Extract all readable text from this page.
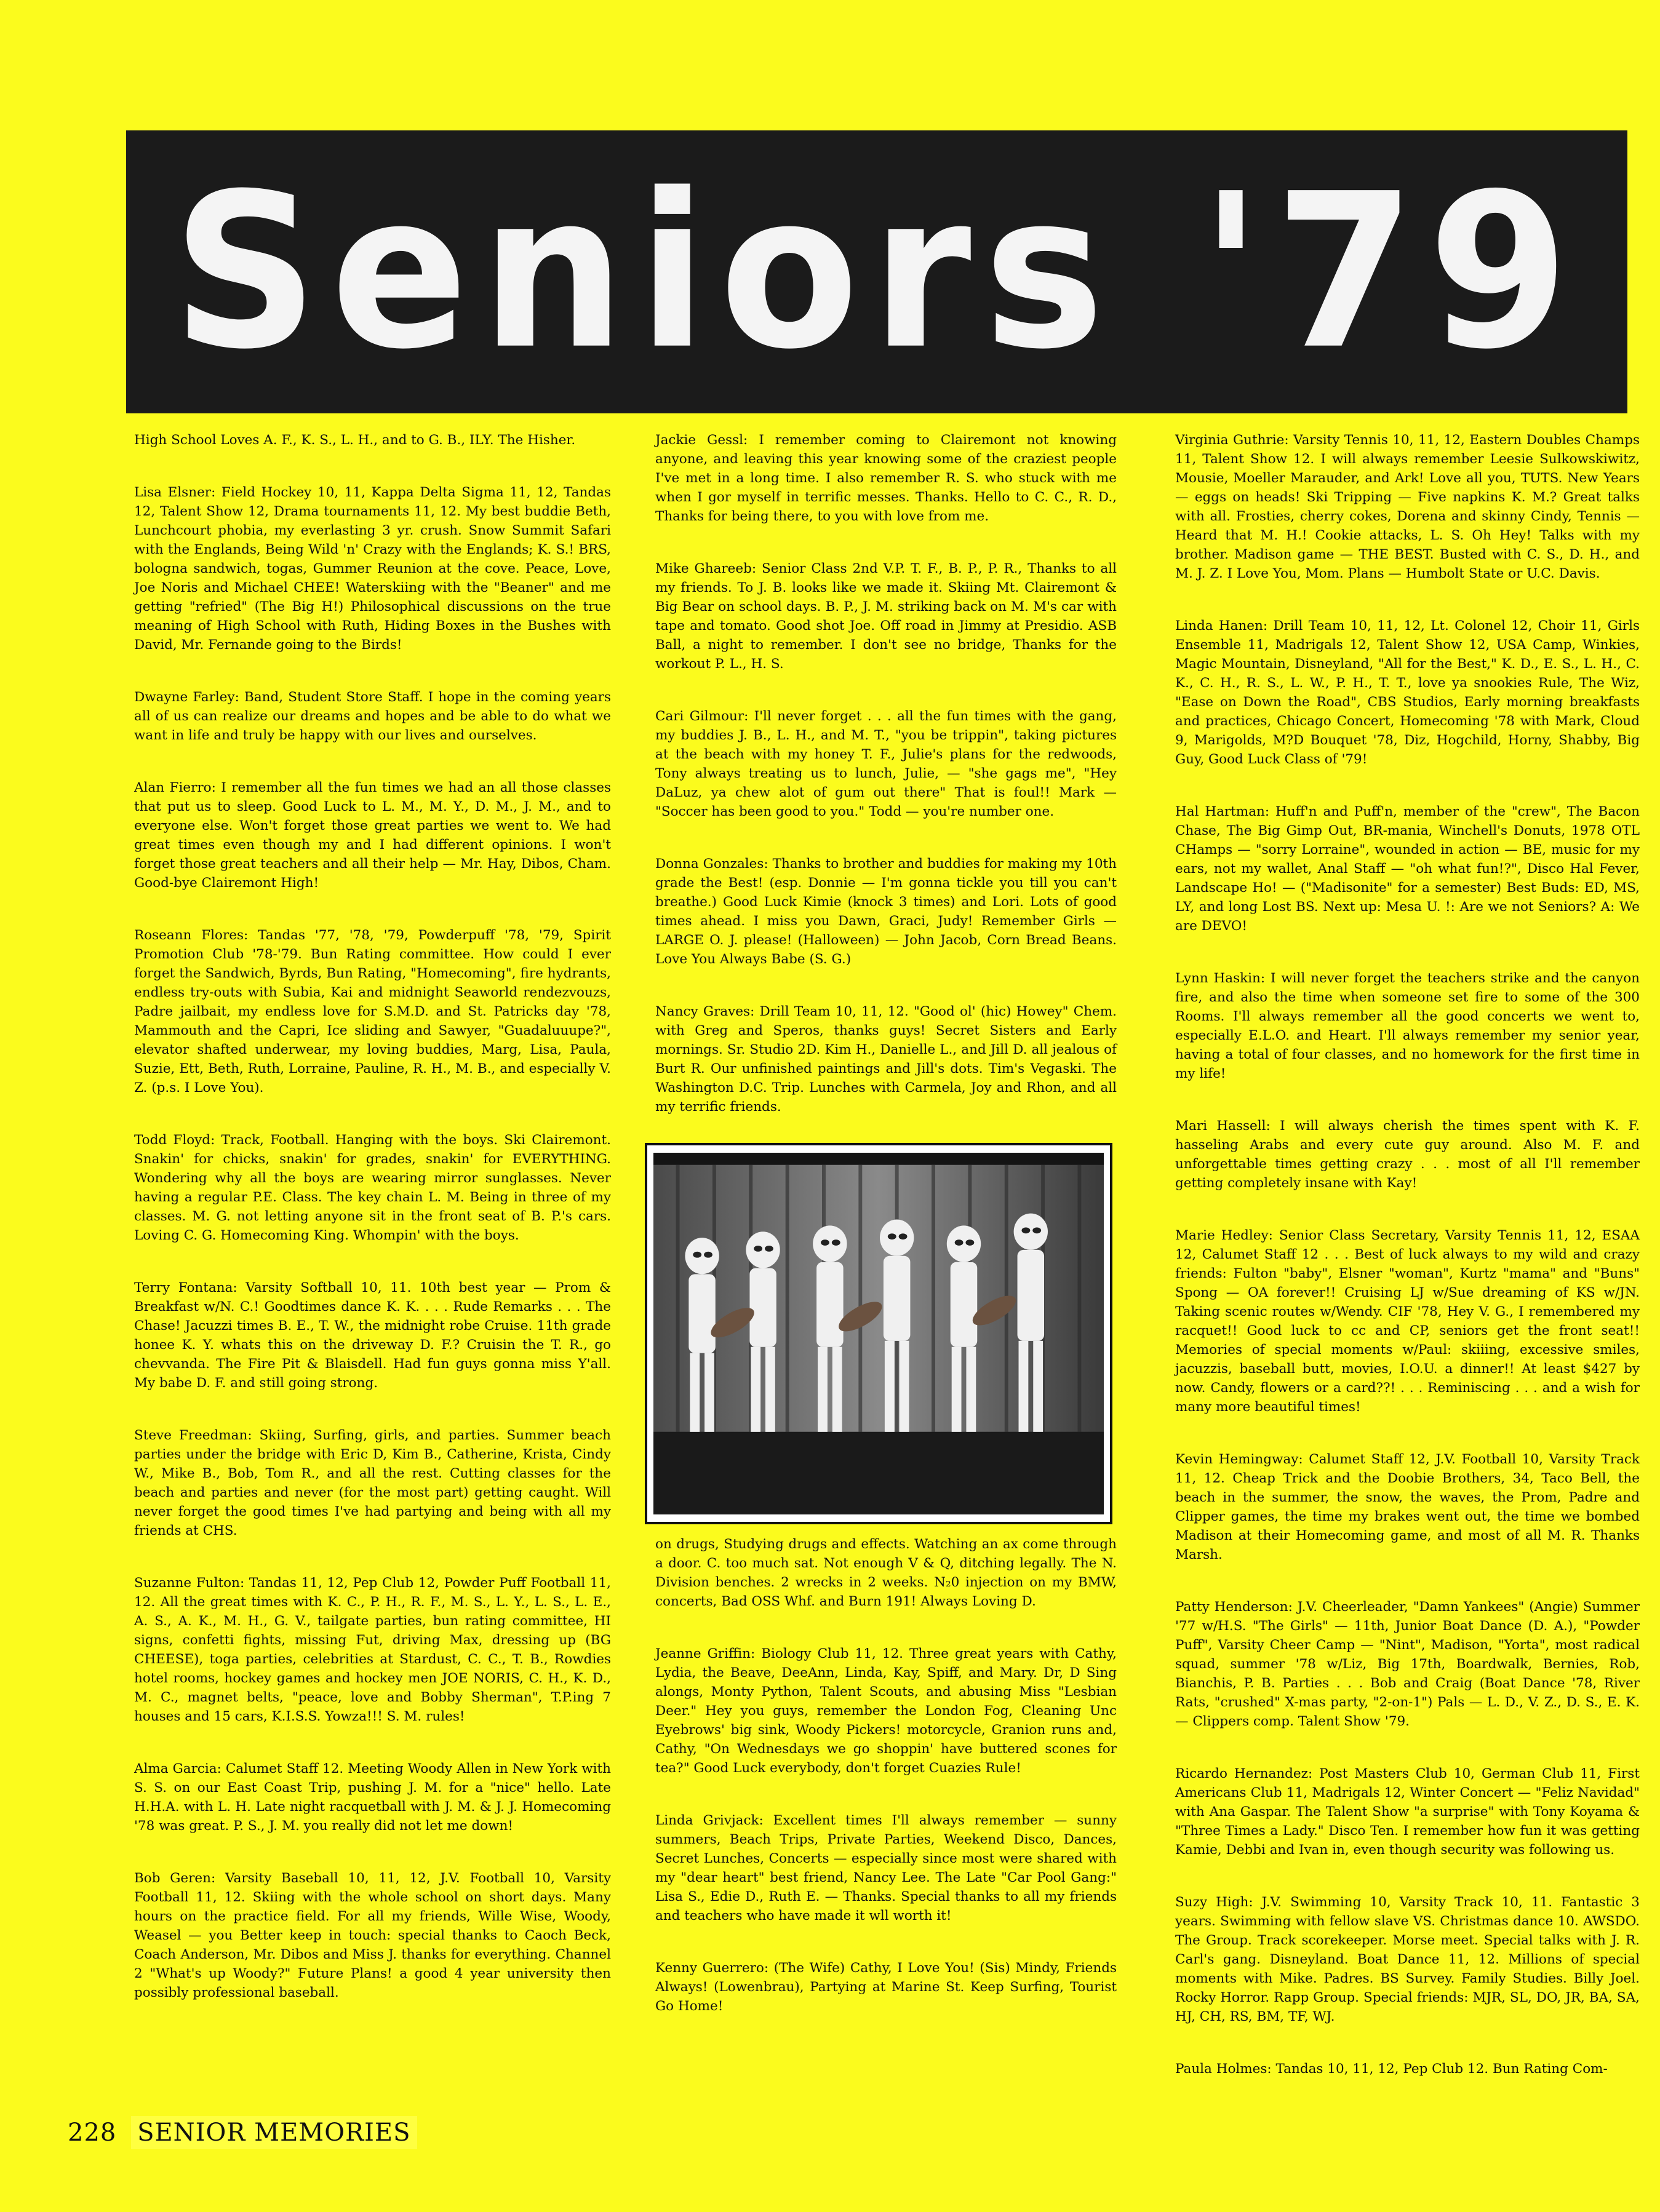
Seniors '79

High School Loves A. F., K. S., L. H., and to G. B., ILY. The Hisher.

Lisa Elsner: Field Hockey 10, 11, Kappa Delta Sigma 11, 12, Tandas 12, Talent Show 12, Drama tournaments 11, 12. My best buddie Beth, Lunchcourt phobia, my everlasting 3 yr. crush. Snow Summit Safari with the Englands, Being Wild 'n' Crazy with the Englands; K. S.! BRS, bologna sandwich, togas, Gummer Reunion at the cove. Peace, Love, Joe Noris and Michael CHEE! Waterskiing with the "Beaner" and me getting "refried" (The Big H!) Philosophical discussions on the true meaning of High School with Ruth, Hiding Boxes in the Bushes with David, Mr. Fernande going to the Birds!

Dwayne Farley: Band, Student Store Staff. I hope in the coming years all of us can realize our dreams and hopes and be able to do what we want in life and truly be happy with our lives and ourselves.

Alan Fierro: I remember all the fun times we had an all those classes that put us to sleep. Good Luck to L. M., M. Y., D. M., J. M., and to everyone else. Won't forget those great parties we went to. We had great times even though my and I had different opinions. I won't forget those great teachers and all their help — Mr. Hay, Dibos, Cham. Good-bye Clairemont High!

Roseann Flores: Tandas '77, '78, '79, Powderpuff '78, '79, Spirit Promotion Club '78-'79. Bun Rating committee. How could I ever forget the Sandwich, Byrds, Bun Rating, "Homecoming", fire hydrants, endless try-outs with Subia, Kai and midnight Seaworld rendezvouzs, Padre jailbait, my endless love for S.M.D. and St. Patricks day '78, Mammouth and the Capri, Ice sliding and Sawyer, "Guadaluuupe?", elevator shafted underwear, my loving buddies, Marg, Lisa, Paula, Suzie, Ett, Beth, Ruth, Lorraine, Pauline, R. H., M. B., and especially V. Z. (p.s. I Love You).

Todd Floyd: Track, Football. Hanging with the boys. Ski Clairemont. Snakin' for chicks, snakin' for grades, snakin' for EVERYTHING. Wondering why all the boys are wearing mirror sunglasses. Never having a regular P.E. Class. The key chain L. M. Being in three of my classes. M. G. not letting anyone sit in the front seat of B. P.'s cars. Loving C. G. Homecoming King. Whompin' with the boys.

Terry Fontana: Varsity Softball 10, 11. 10th best year — Prom & Breakfast w/N. C.! Goodtimes dance K. K. . . . Rude Remarks . . . The Chase! Jacuzzi times B. E., T. W., the midnight robe Cruise. 11th grade honee K. Y. whats this on the driveway D. F.? Cruisin the T. R., go chevvanda. The Fire Pit & Blaisdell. Had fun guys gonna miss Y'all. My babe D. F. and still going strong.

Steve Freedman: Skiing, Surfing, girls, and parties. Summer beach parties under the bridge with Eric D, Kim B., Catherine, Krista, Cindy W., Mike B., Bob, Tom R., and all the rest. Cutting classes for the beach and parties and never (for the most part) getting caught. Will never forget the good times I've had partying and being with all my friends at CHS.

Suzanne Fulton: Tandas 11, 12, Pep Club 12, Powder Puff Football 11, 12. All the great times with K. C., P. H., R. F., M. S., L. Y., L. S., L. E., A. S., A. K., M. H., G. V., tailgate parties, bun rating committee, HI signs, confetti fights, missing Fut, driving Max, dressing up (BG CHEESE), toga parties, celebrities at Stardust, C. C., T. B., Rowdies hotel rooms, hockey games and hockey men JOE NORIS, C. H., K. D., M. C., magnet belts, "peace, love and Bobby Sherman", T.P.ing 7 houses and 15 cars, K.I.S.S. Yowza!!! S. M. rules!

Alma Garcia: Calumet Staff 12. Meeting Woody Allen in New York with S. S. on our East Coast Trip, pushing J. M. for a "nice" hello. Late H.H.A. with L. H. Late night racquetball with J. M. & J. J. Homecoming '78 was great. P. S., J. M. you really did not let me down!

Bob Geren: Varsity Baseball 10, 11, 12, J.V. Football 10, Varsity Football 11, 12. Skiing with the whole school on short days. Many hours on the practice field. For all my friends, Wille Wise, Woody, Weasel — you Better keep in touch: special thanks to Caoch Beck, Coach Anderson, Mr. Dibos and Miss J. thanks for everything. Channel 2 "What's up Woody?" Future Plans! a good 4 year university then possibly professional baseball.

Jackie Gessl: I remember coming to Clairemont not knowing anyone, and leaving this year knowing some of the craziest people I've met in a long time. I also remember R. S. who stuck with me when I gor myself in terrific messes. Thanks. Hello to C. C., R. D., Thanks for being there, to you with love from me.

Mike Ghareeb: Senior Class 2nd V.P. T. F., B. P., P. R., Thanks to all my friends. To J. B. looks like we made it. Skiing Mt. Clairemont & Big Bear on school days. B. P., J. M. striking back on M. M's car with tape and tomato. Good shot Joe. Off road in Jimmy at Presidio. ASB Ball, a night to remember. I don't see no bridge, Thanks for the workout P. L., H. S.

Cari Gilmour: I'll never forget . . . all the fun times with the gang, my buddies J. B., L. H., and M. T., "you be trippin", taking pictures at the beach with my honey T. F., Julie's plans for the redwoods, Tony always treating us to lunch, Julie, — "she gags me", "Hey DaLuz, ya chew alot of gum out there" That is foul!! Mark — "Soccer has been good to you." Todd — you're number one.

Donna Gonzales: Thanks to brother and buddies for making my 10th grade the Best! (esp. Donnie — I'm gonna tickle you till you can't breathe.) Good Luck Kimie (knock 3 times) and Lori. Lots of good times ahead. I miss you Dawn, Graci, Judy! Remember Girls — LARGE O. J. please! (Halloween) — John Jacob, Corn Bread Beans. Love You Always Babe (S. G.)

Nancy Graves: Drill Team 10, 11, 12. "Good ol' (hic) Howey" Chem. with Greg and Speros, thanks guys! Secret Sisters and Early mornings. Sr. Studio 2D. Kim H., Danielle L., and Jill D. all jealous of Burt R. Our unfinished paintings and Jill's dots. Tim's Vegaski. The Washington D.C. Trip. Lunches with Carmela, Joy and Rhon, and all my terrific friends.

on drugs, Studying drugs and effects. Watching an ax come through a door. C. too much sat. Not enough V & Q, ditching legally. The N. Division benches. 2 wrecks in 2 weeks. N₂0 injection on my BMW, concerts, Bad OSS Whf. and Burn 191! Always Loving D.

Jeanne Griffin: Biology Club 11, 12. Three great years with Cathy, Lydia, the Beave, DeeAnn, Linda, Kay, Spiff, and Mary. Dr, D Sing alongs, Monty Python, Talent Scouts, and abusing Miss "Lesbian Deer." Hey you guys, remember the London Fog, Cleaning Unc Eyebrows' big sink, Woody Pickers! motorcycle, Granion runs and, Cathy, "On Wednesdays we go shoppin' have buttered scones for tea?" Good Luck everybody, don't forget Cuazies Rule!

Linda Grivjack: Excellent times I'll always remember — sunny summers, Beach Trips, Private Parties, Weekend Disco, Dances, Secret Lunches, Concerts — especially since most were shared with my "dear heart" best friend, Nancy Lee. The Late "Car Pool Gang:" Lisa S., Edie D., Ruth E. — Thanks. Special thanks to all my friends and teachers who have made it wll worth it!

Kenny Guerrero: (The Wife) Cathy, I Love You! (Sis) Mindy, Friends Always! (Lowenbrau), Partying at Marine St. Keep Surfing, Tourist Go Home!

Virginia Guthrie: Varsity Tennis 10, 11, 12, Eastern Doubles Champs 11, Talent Show 12. I will always remember Leesie Sulkowskiwitz, Mousie, Moeller Marauder, and Ark! Love all you, TUTS. New Years — eggs on heads! Ski Tripping — Five napkins K. M.? Great talks with all. Frosties, cherry cokes, Dorena and skinny Cindy, Tennis — Heard that M. H.! Cookie attacks, L. S. Oh Hey! Talks with my brother. Madison game — THE BEST. Busted with C. S., D. H., and M. J. Z. I Love You, Mom. Plans — Humbolt State or U.C. Davis.

Linda Hanen: Drill Team 10, 11, 12, Lt. Colonel 12, Choir 11, Girls Ensemble 11, Madrigals 12, Talent Show 12, USA Camp, Winkies, Magic Mountain, Disneyland, "All for the Best," K. D., E. S., L. H., C. K., C. H., R. S., L. W., P. H., T. T., love ya snookies Rule, The Wiz, "Ease on Down the Road", CBS Studios, Early morning breakfasts and practices, Chicago Concert, Homecoming '78 with Mark, Cloud 9, Marigolds, M?D Bouquet '78, Diz, Hogchild, Horny, Shabby, Big Guy, Good Luck Class of '79!

Hal Hartman: Huff'n and Puff'n, member of the "crew", The Bacon Chase, The Big Gimp Out, BR-mania, Winchell's Donuts, 1978 OTL CHamps — "sorry Lorraine", wounded in action — BE, music for my ears, not my wallet, Anal Staff — "oh what fun!?", Disco Hal Fever, Landscape Ho! — ("Madisonite" for a semester) Best Buds: ED, MS, LY, and long Lost BS. Next up: Mesa U. !: Are we not Seniors? A: We are DEVO!

Lynn Haskin: I will never forget the teachers strike and the canyon fire, and also the time when someone set fire to some of the 300 Rooms. I'll always remember all the good concerts we went to, especially E.L.O. and Heart. I'll always remember my senior year, having a total of four classes, and no homework for the first time in my life!

Mari Hassell: I will always cherish the times spent with K. F. hasseling Arabs and every cute guy around. Also M. F. and unforgettable times getting crazy . . . most of all I'll remember getting completely insane with Kay!

Marie Hedley: Senior Class Secretary, Varsity Tennis 11, 12, ESAA 12, Calumet Staff 12 . . . Best of luck always to my wild and crazy friends: Fulton "baby", Elsner "woman", Kurtz "mama" and "Buns" Spong — OA forever!! Cruising LJ w/Sue dreaming of KS w/JN. Taking scenic routes w/Wendy. CIF '78, Hey V. G., I remembered my racquet!! Good luck to cc and CP, seniors get the front seat!! Memories of special moments w/Paul: skiiing, excessive smiles, jacuzzis, baseball butt, movies, I.O.U. a dinner!! At least $427 by now. Candy, flowers or a card??! . . . Reminiscing . . . and a wish for many more beautiful times!

Kevin Hemingway: Calumet Staff 12, J.V. Football 10, Varsity Track 11, 12. Cheap Trick and the Doobie Brothers, 34, Taco Bell, the beach in the summer, the snow, the waves, the Prom, Padre and Clipper games, the time my brakes went out, the time we bombed Madison at their Homecoming game, and most of all M. R. Thanks Marsh.

Patty Henderson: J.V. Cheerleader, "Damn Yankees" (Angie) Summer '77 w/H.S. "The Girls" — 11th, Junior Boat Dance (D. A.), "Powder Puff", Varsity Cheer Camp — "Nint", Madison, "Yorta", most radical squad, summer '78 w/Liz, Big 17th, Boardwalk, Bernies, Rob, Bianchis, P. B. Parties . . . Bob and Craig (Boat Dance '78, River Rats, "crushed" X-mas party, "2-on-1") Pals — L. D., V. Z., D. S., E. K. — Clippers comp. Talent Show '79.

Ricardo Hernandez: Post Masters Club 10, German Club 11, First Americans Club 11, Madrigals 12, Winter Concert — "Feliz Navidad" with Ana Gaspar. The Talent Show "a surprise" with Tony Koyama & "Three Times a Lady." Disco Ten. I remember how fun it was getting Kamie, Debbi and Ivan in, even though security was following us.

Suzy High: J.V. Swimming 10, Varsity Track 10, 11. Fantastic 3 years. Swimming with fellow slave VS. Christmas dance 10. AWSDO. The Group. Track scorekeeper. Morse meet. Special talks with J. R. Carl's gang. Disneyland. Boat Dance 11, 12. Millions of special moments with Mike. Padres. BS Survey. Family Studies. Billy Joel. Rocky Horror. Rapp Group. Special friends: MJR, SL, DO, JR, BA, SA, HJ, CH, RS, BM, TF, WJ.

Paula Holmes: Tandas 10, 11, 12, Pep Club 12. Bun Rating Com-

228 SENIOR MEMORIES
